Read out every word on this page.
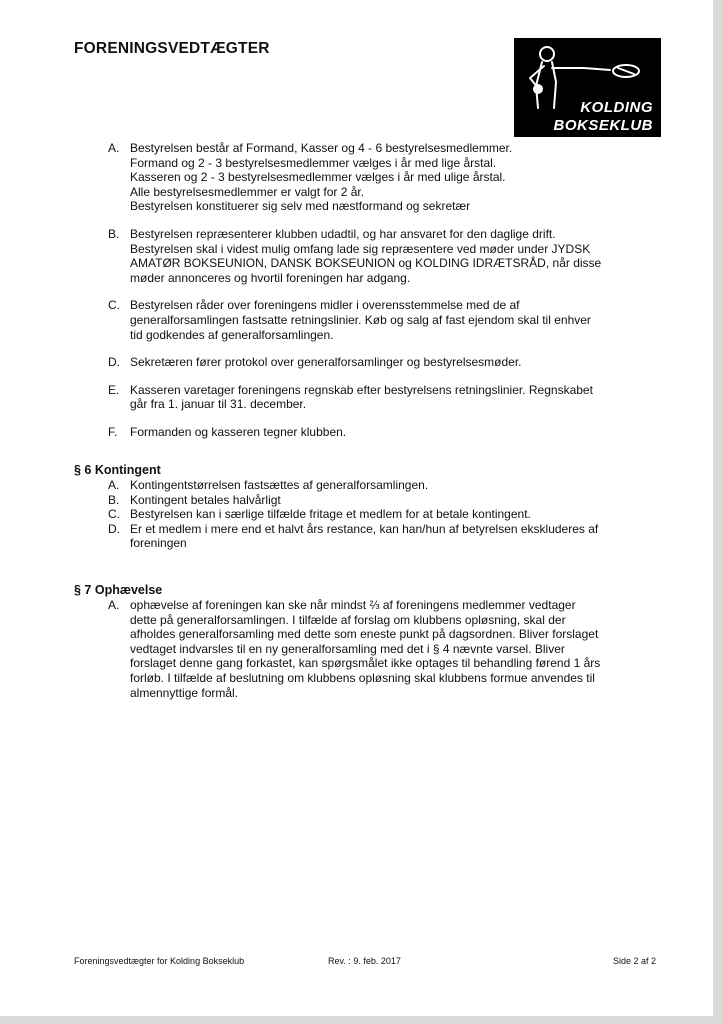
FORENINGSVEDTÆGTER
KOLDING
BOKSEKLUB
A. Bestyrelsen består af Formand, Kasser og 4 - 6 bestyrelsesmedlemmer.
Formand og 2 - 3 bestyrelsesmedlemmer vælges i år med lige årstal.
Kasseren og 2 - 3 bestyrelsesmedlemmer vælges i år med ulige årstal.
Alle bestyrelsesmedlemmer er valgt for 2 år.
Bestyrelsen konstituerer sig selv med næstformand og sekretær
B. Bestyrelsen repræsenterer klubben udadtil, og har ansvaret for den daglige drift.
Bestyrelsen skal i videst mulig omfang lade sig repræsentere ved møder under JYDSK
AMATØR BOKSEUNION, DANSK BOKSEUNION og KOLDING IDRÆTSRÅD, når disse
møder annonceres og hvortil foreningen har adgang.
C. Bestyrelsen råder over foreningens midler i overensstemmelse med de af
generalforsamlingen fastsatte retningslinier. Køb og salg af fast ejendom skal til enhver
tid godkendes af generalforsamlingen.
D. Sekretæren fører protokol over generalforsamlinger og bestyrelsesmøder.
E. Kasseren varetager foreningens regnskab efter bestyrelsens retningslinier. Regnskabet
går fra 1. januar til 31. december.
F. Formanden og kasseren tegner klubben.
§ 6 Kontingent
A. Kontingentstørrelsen fastsættes af generalforsamlingen.
B. Kontingent betales halvårligt
C. Bestyrelsen kan i særlige tilfælde fritage et medlem for at betale kontingent.
D. Er et medlem i mere end et halvt års restance, kan han/hun af betyrelsen ekskluderes af
foreningen
§ 7 Ophævelse
A. ophævelse af foreningen kan ske når mindst ⅔ af foreningens medlemmer vedtager
dette på generalforsamlingen. I tilfælde af forslag om klubbens opløsning, skal der
afholdes generalforsamling med dette som eneste punkt på dagsordnen. Bliver forslaget
vedtaget indvarsles til en ny generalforsamling med det i § 4 nævnte varsel. Bliver
forslaget denne gang forkastet, kan spørgsmålet ikke optages til behandling førend 1 års
forløb. I tilfælde af beslutning om klubbens opløsning skal klubbens formue anvendes til
almennyttige formål.
Foreningsvedtægter for Kolding Bokseklub	Rev. : 9. feb. 2017	Side 2 af 2
